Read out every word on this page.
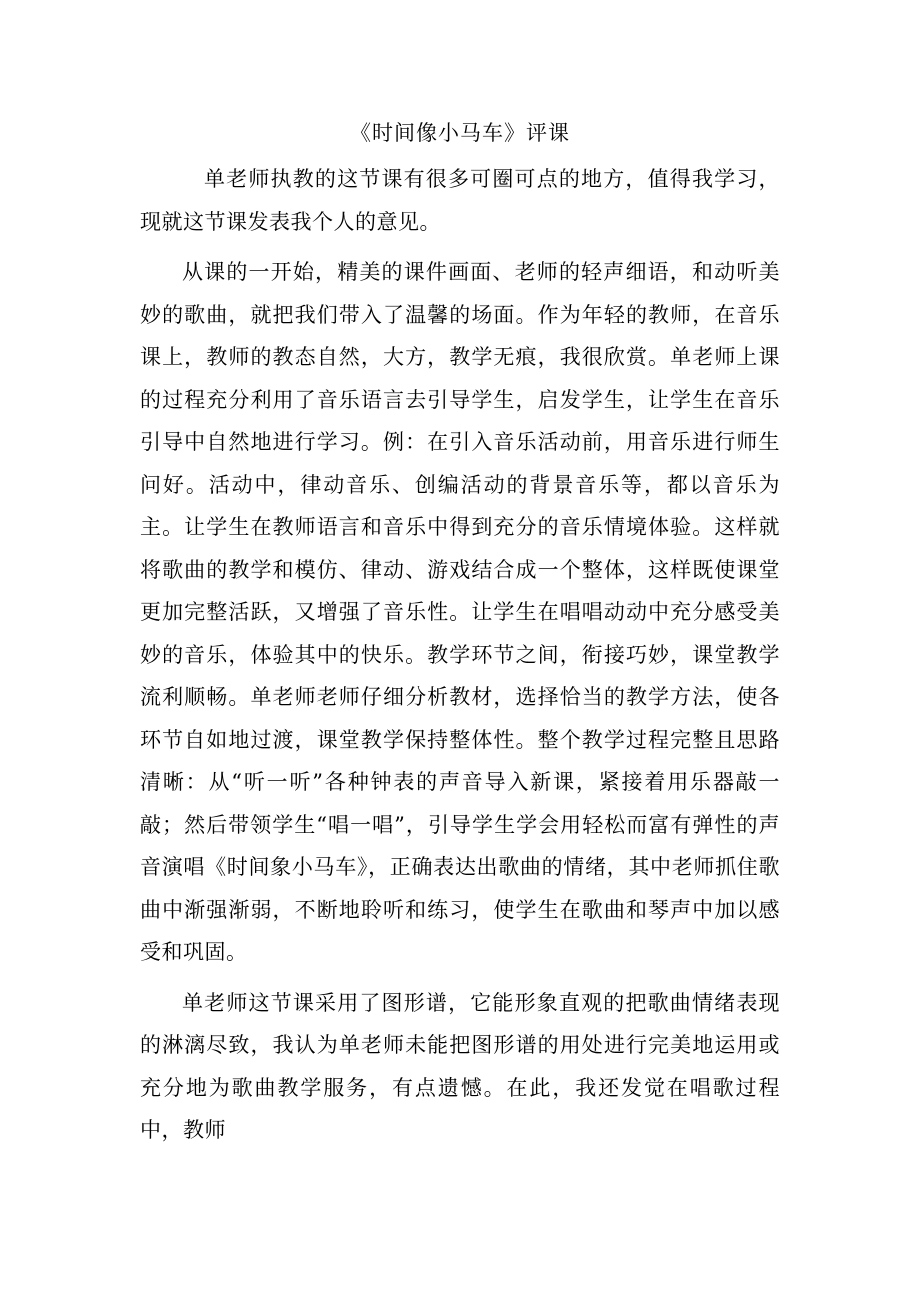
《时间像小马车》评课

单老师执教的这节课有很多可圈可点的地方，值得我学习，现就这节课发表我个人的意见。

从课的一开始，精美的课件画面、老师的轻声细语，和动听美妙的歌曲，就把我们带入了温馨的场面。作为年轻的教师，在音乐课上，教师的教态自然，大方，教学无痕，我很欣赏。单老师上课的过程充分利用了音乐语言去引导学生，启发学生，让学生在音乐引导中自然地进行学习。例：在引入音乐活动前，用音乐进行师生问好。活动中，律动音乐、创编活动的背景音乐等，都以音乐为主。让学生在教师语言和音乐中得到充分的音乐情境体验。这样就将歌曲的教学和模仿、律动、游戏结合成一个整体，这样既使课堂更加完整活跃，又增强了音乐性。让学生在唱唱动动中充分感受美妙的音乐，体验其中的快乐。教学环节之间，衔接巧妙，课堂教学流利顺畅。单老师老师仔细分析教材，选择恰当的教学方法，使各环节自如地过渡，课堂教学保持整体性。整个教学过程完整且思路清晰：从“听一听”各种钟表的声音导入新课，紧接着用乐器敲一敲；然后带领学生“唱一唱”，引导学生学会用轻松而富有弹性的声音演唱《时间象小马车》，正确表达出歌曲的情绪，其中老师抓住歌曲中渐强渐弱，不断地聆听和练习，使学生在歌曲和琴声中加以感受和巩固。

单老师这节课采用了图形谱，它能形象直观的把歌曲情绪表现的淋漓尽致，我认为单老师未能把图形谱的用处进行完美地运用或充分地为歌曲教学服务，有点遗憾。在此，我还发觉在唱歌过程中，教师
